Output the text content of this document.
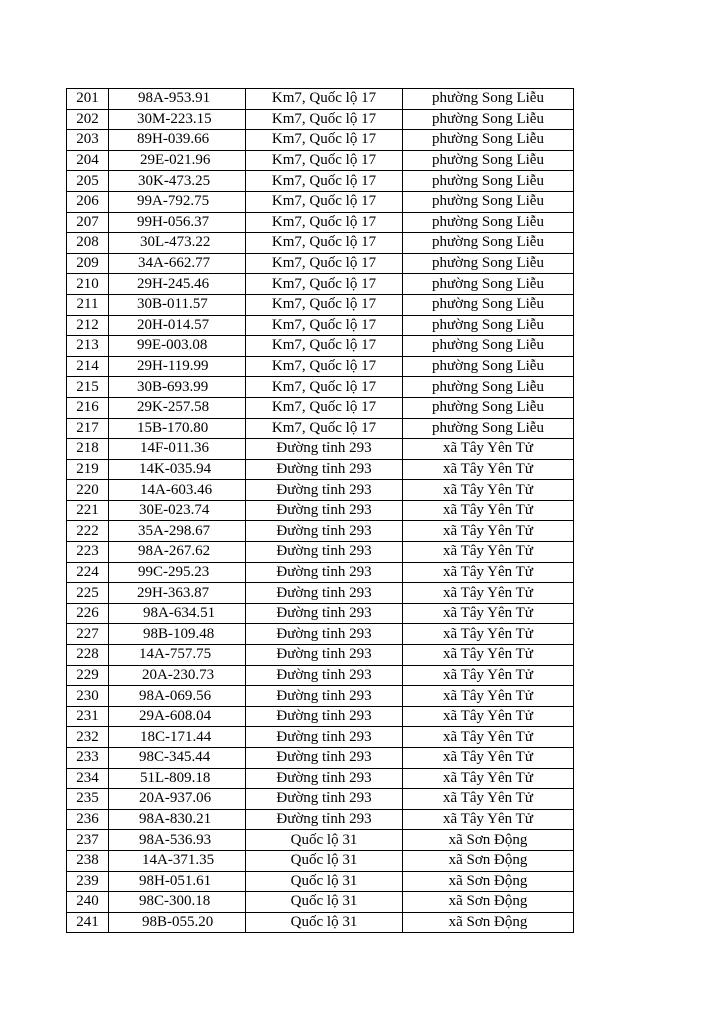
201	98A-953.91	Km7, Quốc lộ 17	phường Song Liễu
202	30M-223.15	Km7, Quốc lộ 17	phường Song Liễu
203	89H-039.66	Km7, Quốc lộ 17	phường Song Liễu
204	29E-021.96	Km7, Quốc lộ 17	phường Song Liễu
205	30K-473.25	Km7, Quốc lộ 17	phường Song Liễu
206	99A-792.75	Km7, Quốc lộ 17	phường Song Liễu
207	99H-056.37	Km7, Quốc lộ 17	phường Song Liễu
208	30L-473.22	Km7, Quốc lộ 17	phường Song Liễu
209	34A-662.77	Km7, Quốc lộ 17	phường Song Liễu
210	29H-245.46	Km7, Quốc lộ 17	phường Song Liễu
211	30B-011.57	Km7, Quốc lộ 17	phường Song Liễu
212	20H-014.57	Km7, Quốc lộ 17	phường Song Liễu
213	99E-003.08	Km7, Quốc lộ 17	phường Song Liễu
214	29H-119.99	Km7, Quốc lộ 17	phường Song Liễu
215	30B-693.99	Km7, Quốc lộ 17	phường Song Liễu
216	29K-257.58	Km7, Quốc lộ 17	phường Song Liễu
217	15B-170.80	Km7, Quốc lộ 17	phường Song Liễu
218	14F-011.36	Đường tỉnh 293	xã Tây Yên Tử
219	14K-035.94	Đường tỉnh 293	xã Tây Yên Tử
220	14A-603.46	Đường tỉnh 293	xã Tây Yên Tử
221	30E-023.74	Đường tỉnh 293	xã Tây Yên Tử
222	35A-298.67	Đường tỉnh 293	xã Tây Yên Tử
223	98A-267.62	Đường tỉnh 293	xã Tây Yên Tử
224	99C-295.23	Đường tỉnh 293	xã Tây Yên Tử
225	29H-363.87	Đường tỉnh 293	xã Tây Yên Tử
226	98A-634.51	Đường tỉnh 293	xã Tây Yên Tử
227	98B-109.48	Đường tỉnh 293	xã Tây Yên Tử
228	14A-757.75	Đường tỉnh 293	xã Tây Yên Tử
229	20A-230.73	Đường tỉnh 293	xã Tây Yên Tử
230	98A-069.56	Đường tỉnh 293	xã Tây Yên Tử
231	29A-608.04	Đường tỉnh 293	xã Tây Yên Tử
232	18C-171.44	Đường tỉnh 293	xã Tây Yên Tử
233	98C-345.44	Đường tỉnh 293	xã Tây Yên Tử
234	51L-809.18	Đường tỉnh 293	xã Tây Yên Tử
235	20A-937.06	Đường tỉnh 293	xã Tây Yên Tử
236	98A-830.21	Đường tỉnh 293	xã Tây Yên Tử
237	98A-536.93	Quốc lộ 31	xã Sơn Động
238	14A-371.35	Quốc lộ 31	xã Sơn Động
239	98H-051.61	Quốc lộ 31	xã Sơn Động
240	98C-300.18	Quốc lộ 31	xã Sơn Động
241	98B-055.20	Quốc lộ 31	xã Sơn Động
